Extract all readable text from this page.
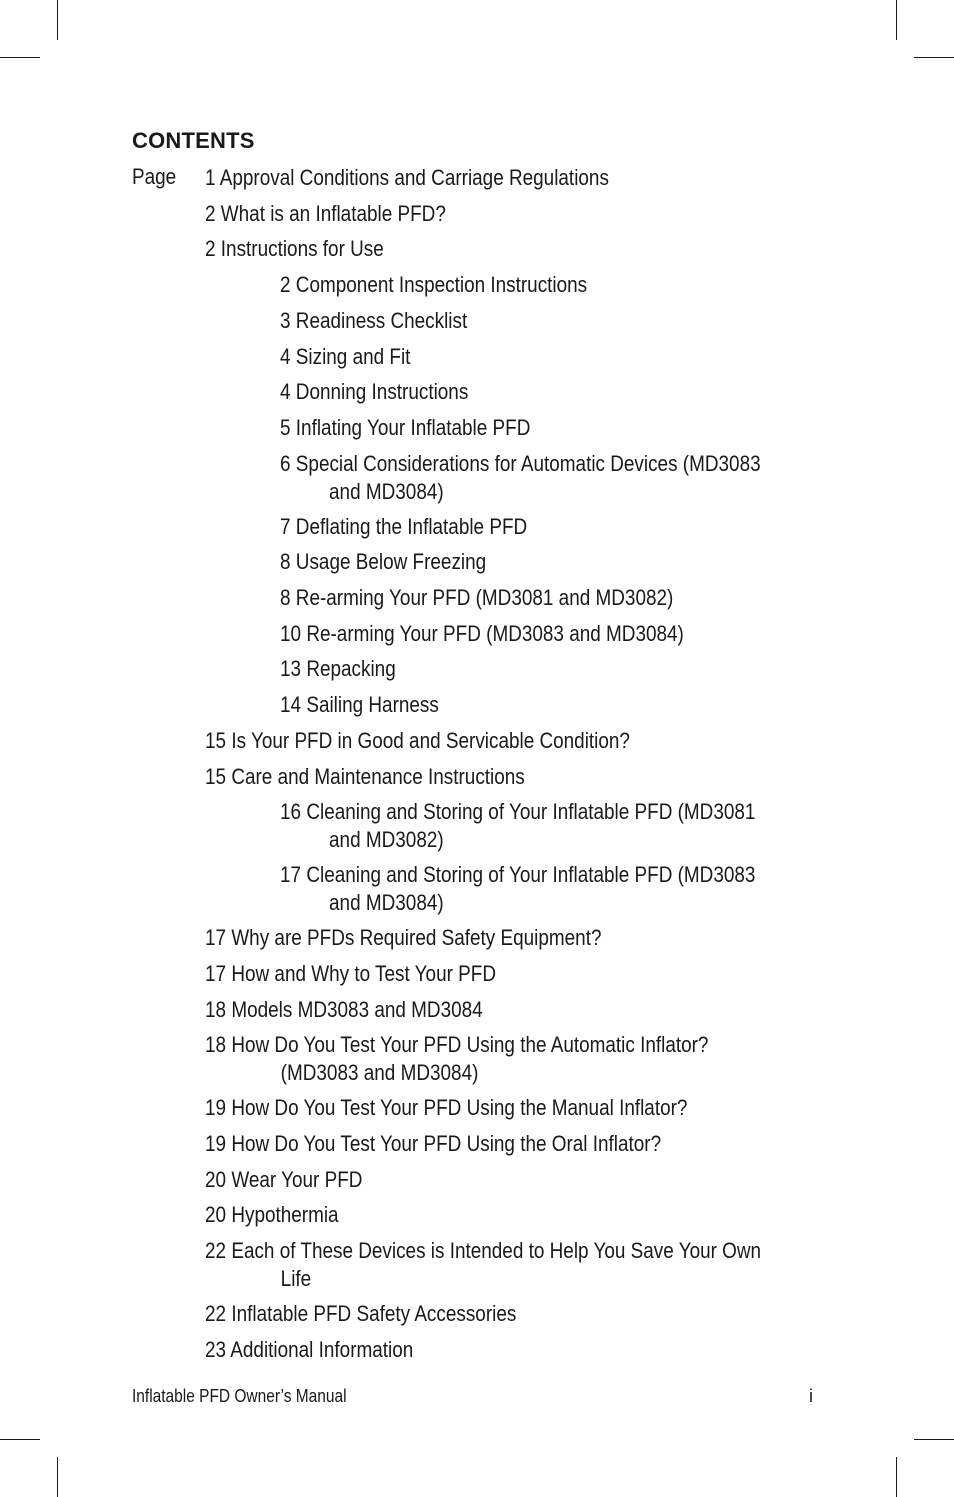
CONTENTS
Page 1 Approval Conditions and Carriage Regulations
2 What is an Inflatable PFD?
2 Instructions for Use
2 Component Inspection Instructions
3 Readiness Checklist
4 Sizing and Fit
4 Donning Instructions
5 Inflating Your Inflatable PFD
6 Special Considerations for Automatic Devices (MD3083
and MD3084)
7 Deflating the Inflatable PFD
8 Usage Below Freezing
8 Re-arming Your PFD (MD3081 and MD3082)
10 Re-arming Your PFD (MD3083 and MD3084)
13 Repacking
14 Sailing Harness
15 Is Your PFD in Good and Servicable Condition?
15 Care and Maintenance Instructions
16 Cleaning and Storing of Your Inflatable PFD (MD3081
and MD3082)
17 Cleaning and Storing of Your Inflatable PFD (MD3083
and MD3084)
17 Why are PFDs Required Safety Equipment?
17 How and Why to Test Your PFD
18 Models MD3083 and MD3084
18 How Do You Test Your PFD Using the Automatic Inflator?
(MD3083 and MD3084)
19 How Do You Test Your PFD Using the Manual Inflator?
19 How Do You Test Your PFD Using the Oral Inflator?
20 Wear Your PFD
20 Hypothermia
22 Each of These Devices is Intended to Help You Save Your Own
Life
22 Inflatable PFD Safety Accessories
23 Additional Information
Inflatable PFD Owner’s Manual	i
